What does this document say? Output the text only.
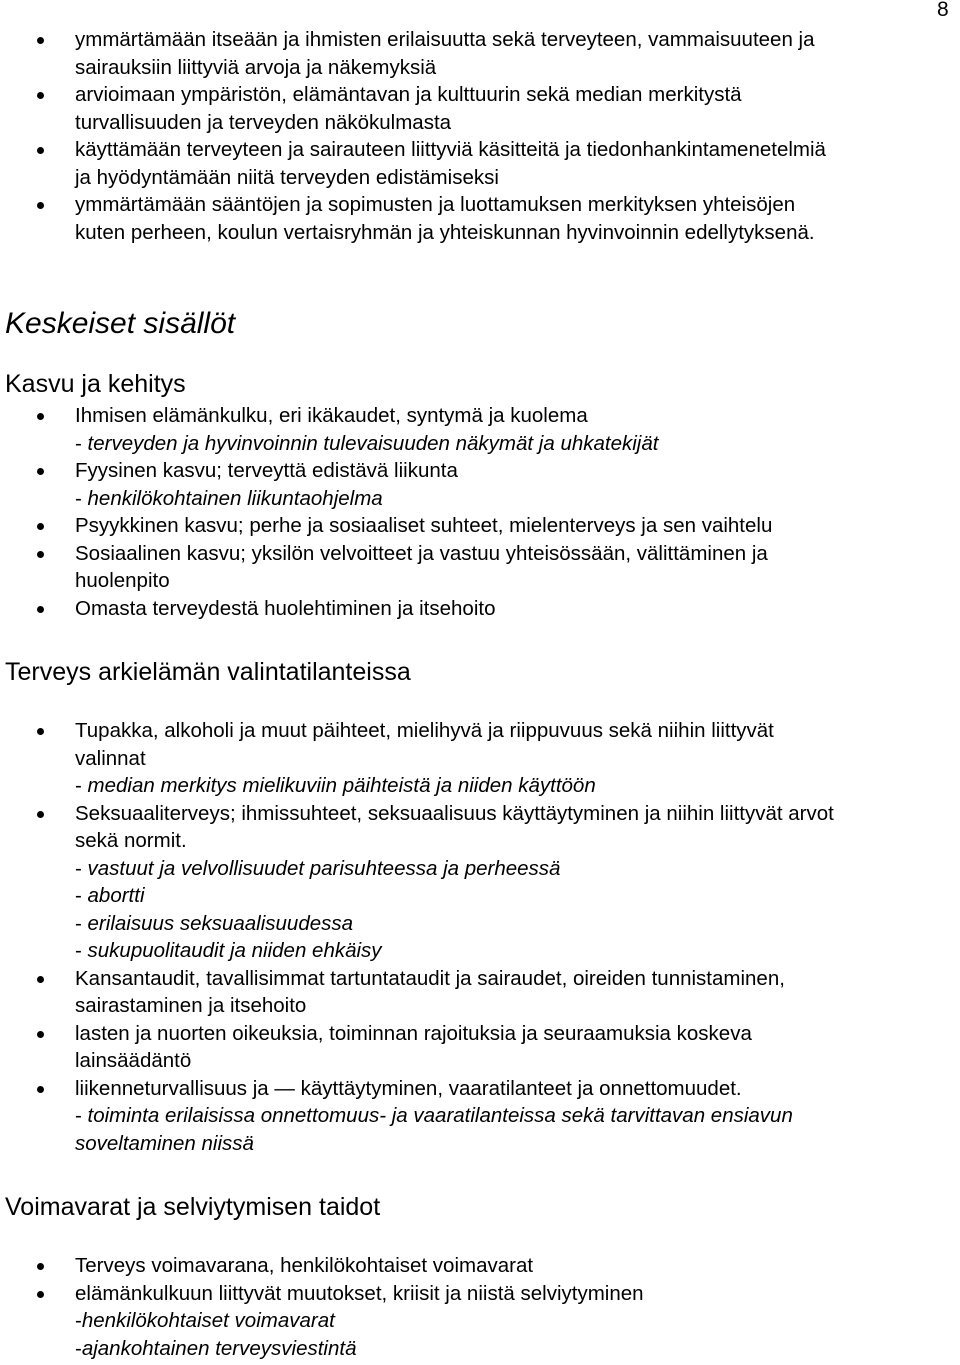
8
ymmärtämään itseään ja ihmisten erilaisuutta sekä terveyteen, vammaisuuteen ja
sairauksiin liittyviä arvoja ja näkemyksiä
arvioimaan ympäristön, elämäntavan ja kulttuurin sekä median merkitystä
turvallisuuden ja terveyden näkökulmasta
käyttämään terveyteen ja sairauteen liittyviä käsitteitä ja tiedonhankintamenetelmiä
ja hyödyntämään niitä terveyden edistämiseksi
ymmärtämään sääntöjen ja sopimusten ja luottamuksen merkityksen yhteisöjen
kuten perheen, koulun vertaisryhmän ja yhteiskunnan hyvinvoinnin edellytyksenä.
Keskeiset sisällöt
Kasvu ja kehitys
Ihmisen elämänkulku, eri ikäkaudet, syntymä ja kuolema
- terveyden ja hyvinvoinnin tulevaisuuden näkymät ja uhkatekijät
Fyysinen kasvu; terveyttä edistävä liikunta
- henkilökohtainen liikuntaohjelma
Psyykkinen kasvu; perhe ja sosiaaliset suhteet, mielenterveys ja sen vaihtelu
Sosiaalinen kasvu; yksilön velvoitteet ja vastuu yhteisössään, välittäminen ja
huolenpito
Omasta terveydestä huolehtiminen ja itsehoito
Terveys arkielämän valintatilanteissa
Tupakka, alkoholi ja muut päihteet, mielihyvä ja riippuvuus sekä niihin liittyvät
valinnat
- median merkitys mielikuviin päihteistä ja niiden käyttöön
Seksuaaliterveys; ihmissuhteet, seksuaalisuus käyttäytyminen ja niihin liittyvät arvot
sekä normit.
- vastuut ja velvollisuudet parisuhteessa ja perheessä
- abortti
- erilaisuus seksuaalisuudessa
- sukupuolitaudit ja niiden ehkäisy
Kansantaudit, tavallisimmat tartuntataudit ja sairaudet, oireiden tunnistaminen,
sairastaminen ja itsehoito
lasten ja nuorten oikeuksia, toiminnan rajoituksia ja seuraamuksia koskeva
lainsäädäntö
liikenneturvallisuus ja — käyttäytyminen, vaaratilanteet ja onnettomuudet.
- toiminta erilaisissa onnettomuus- ja vaaratilanteissa sekä tarvittavan ensiavun
soveltaminen niissä
Voimavarat ja selviytymisen taidot
Terveys voimavarana, henkilökohtaiset voimavarat
elämänkulkuun liittyvät muutokset, kriisit ja niistä selviytyminen
-henkilökohtaiset voimavarat
-ajankohtainen terveysviestintä
